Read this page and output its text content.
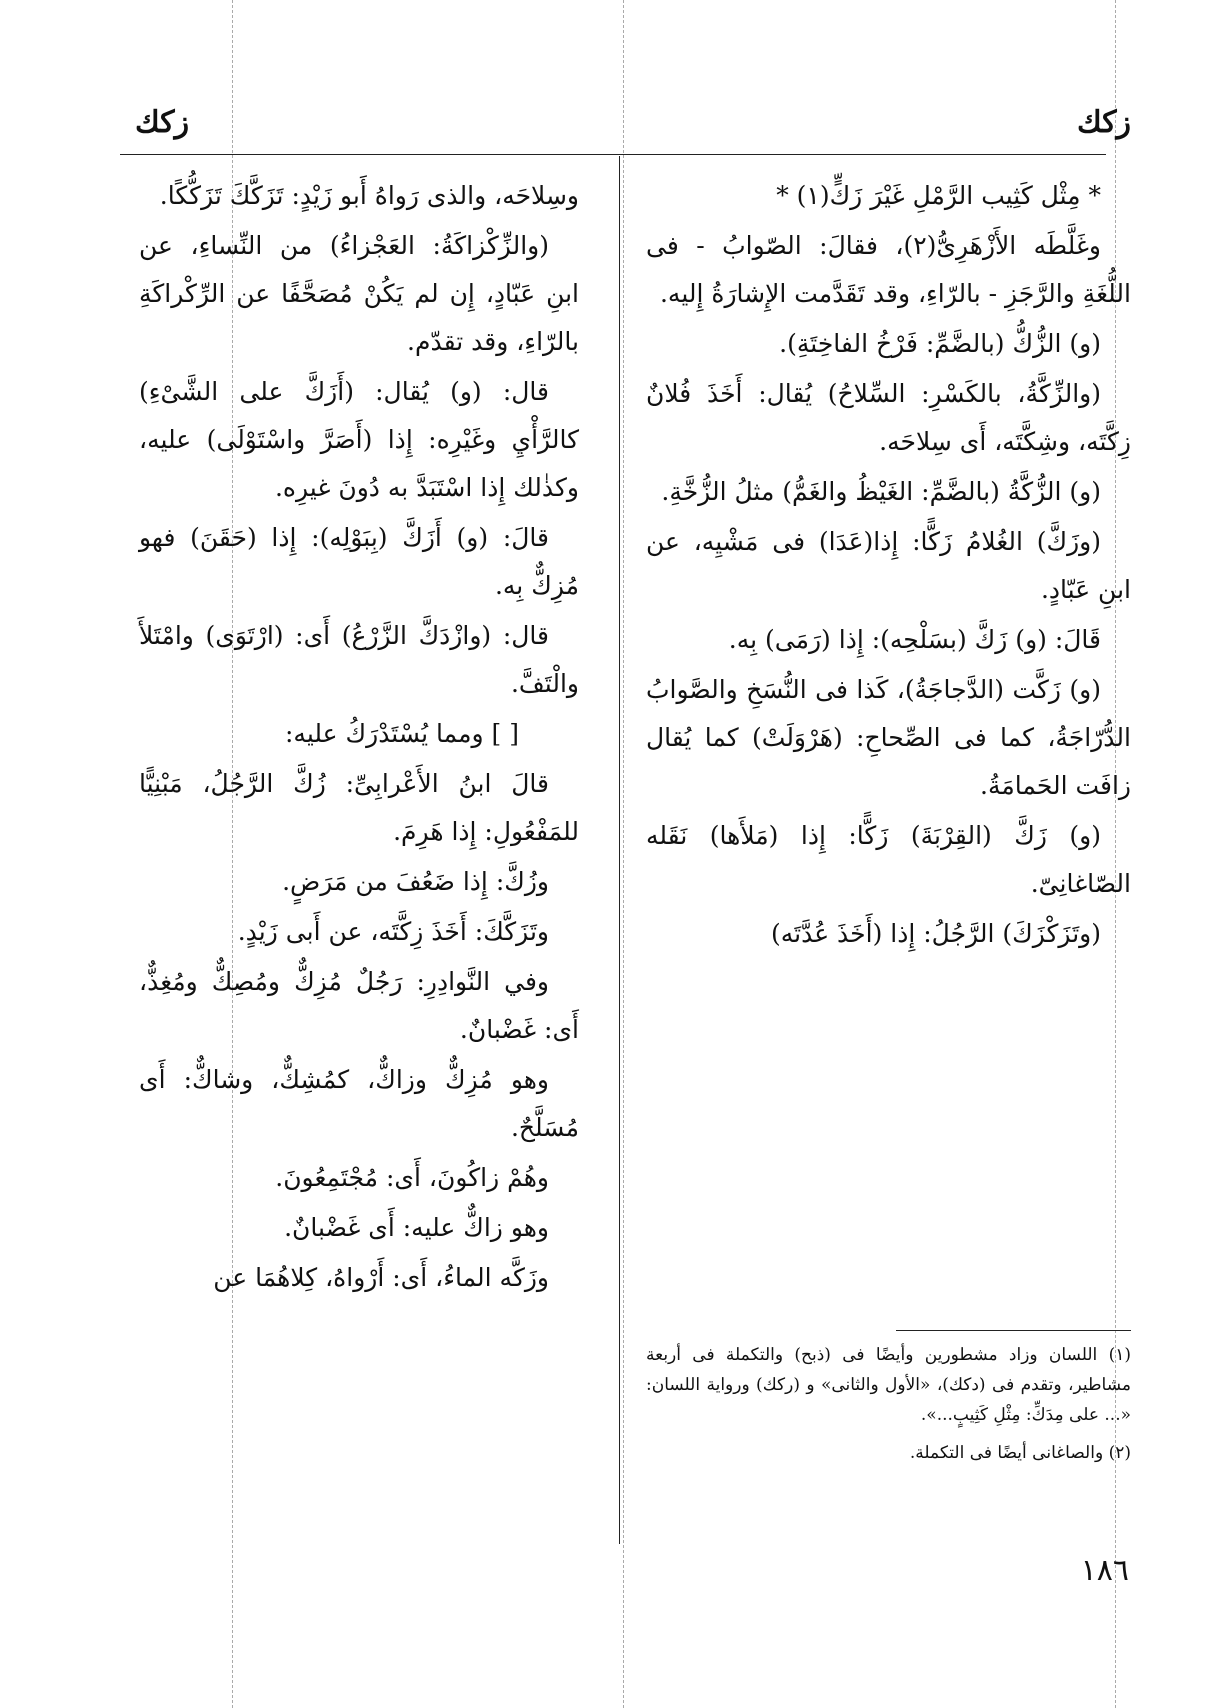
زكك
زكك

* مِثْل كَثِيب الرَّمْلِ غَيْرَ زَكٍّ(١) *

وغَلَّطَه الأَزْهَرِىُّ(٢)، فقالَ: الصّوابُ - فى اللُّغَةِ والرَّجَزِ - بالرّاءِ، وقد تَقَدَّمت الإِشارَةُ إِليه.

(و) الزُّكُّ (بالضَّمِّ: فَرْخُ الفاخِتَةِ).

(والزِّكَّةُ، بالكَسْرِ: السِّلاحُ) يُقال: أَخَذَ فُلانٌ زِكَّتَه، وشِكَّتَه، أَى سِلاحَه.

(و) الزُّكَّةُ (بالضَّمِّ: الغَيْظُ والغَمُّ) مثلُ الزُّخَّةِ.

(وزَكَّ) الغُلامُ زَكًّا: إِذا(عَدَا) فى مَشْيِه، عن ابنِ عَبّادٍ.

قَالَ: (و) زَكَّ (بسَلْحِه): إِذا (رَمَى) بِه.

(و) زَكَّت (الدَّجاجَةُ)، كَذا فى النُّسَخِ والصَّوابُ الدُّرّاجَةُ، كما فى الصِّحاحِ: (هَرْوَلَتْ) كما يُقال زافَت الحَمامَةُ.

(و) زَكَّ (القِرْبَةَ) زَكًّا: إِذا (مَلأَها) نَقَله الصّاغانِىّ.

(وتَزَكْزَكَ) الرَّجُلُ: إِذا (أَخَذَ عُدَّتَه)

وسِلاحَه، والذى رَواهُ أَبو زَيْدٍ: تَزَكَّكَ تَزَكُّكًا.

(والزِّكْزاكَةُ: العَجْزاءُ) من النِّساءِ، عن ابنِ عَبّادٍ، إِن لم يَكُنْ مُصَحَّفًا عن الرِّكْراكَةِ بالرّاءِ، وقد تقدّم.

قال: (و) يُقال: (أَزَكَّ على الشَّىْءِ) كالرَّأْيِ وغَيْرِه: إِذا (أَصَرَّ واسْتَوْلَى) عليه، وكذٰلك إِذا اسْتَبَدَّ به دُونَ غيرِه.

قالَ: (و) أَزَكَّ (بِبَوْلِه): إِذا (حَقَنَ) فهو مُزِكٌّ بِه.

قال: (وازْدَكَّ الزَّرْعُ) أَى: (ارْتَوَى) وامْتَلأَ والْتَفَّ.

[ ] ومما يُسْتَدْرَكُ عليه:

قالَ ابنُ الأَعْرابِىِّ: زُكَّ الرَّجُلُ، مَبْنِيًّا للمَفْعُولِ: إِذا هَرِمَ.

وزُكَّ: إِذا ضَعُفَ من مَرَضٍ.

وتَزَكَّكَ: أَخَذَ زِكَّتَه، عن أَبى زَيْدٍ.

وفي النَّوادِرِ: رَجُلٌ مُزِكٌّ ومُصِكٌّ ومُغِذٌّ، أَى: غَضْبانٌ.

وهو مُزِكٌّ وزاكٌّ، كمُشِكٌّ، وشاكٌّ: أَى مُسَلَّحٌ.

وهُمْ زاكُونَ، أَى: مُجْتَمِعُونَ.

وهو زاكٌّ عليه: أَى غَضْبانٌ.

وزَكَّه الماءُ، أَى: أَرْواهُ، كِلاهُمَا عن

(١) اللسان وزاد مشطورين وأيضًا فى (ذبح) والتكملة فى أربعة مشاطير، وتقدم فى (دكك)، «الأول والثانى» و (ركك) ورواية اللسان: «... على مِدَكِّ: مِثْلِ كَثِيبٍ...».

(٢) والصاغانى أيضًا فى التكملة.

١٨٦
